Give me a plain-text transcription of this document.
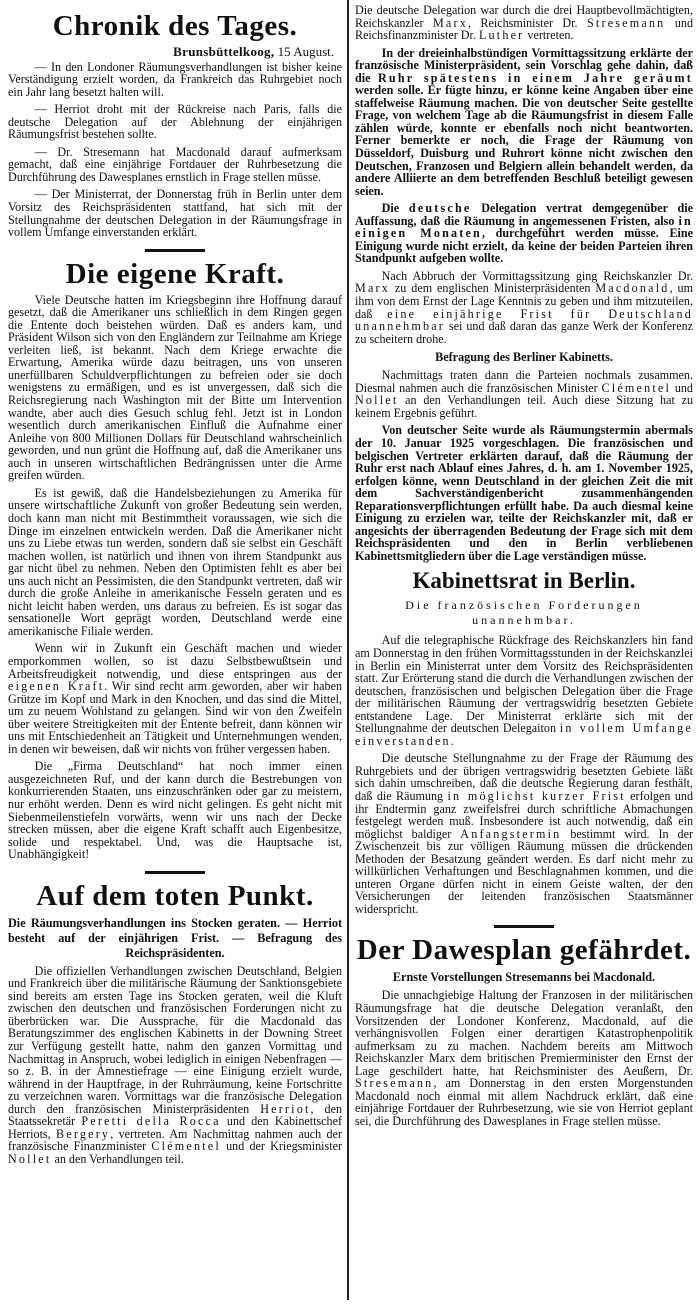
Chronik des Tages.
Brunsbüttelkoog, 15 August.

— In den Londoner Räumungsverhandlungen ist bisher keine Verständigung erzielt worden, da Frankreich das Ruhrgebiet noch ein Jahr lang besetzt halten will.

— Herriot droht mit der Rückreise nach Paris, falls die deutsche Delegation auf der Ablehnung der einjährigen Räumungsfrist bestehen sollte.

— Dr. Stresemann hat Macdonald darauf aufmerksam gemacht, daß eine einjährige Fortdauer der Ruhrbesetzung die Durchführung des Dawesplanes ernstlich in Frage stellen müsse.

— Der Ministerrat, der Donnerstag früh in Berlin unter dem Vorsitz des Reichspräsidenten stattfand, hat sich mit der Stellungnahme der deutschen Delegation in der Räumungsfrage in vollem Umfange einverstanden erklärt.

Die eigene Kraft.

Viele Deutsche hatten im Kriegsbeginn ihre Hoffnung darauf gesetzt, daß die Amerikaner uns schließlich in dem Ringen gegen die Entente doch beistehen würden. Daß es anders kam, und Präsident Wilson sich von den Engländern zur Teilnahme am Kriege verleiten ließ, ist bekannt. Nach dem Kriege erwachte die Erwartung, Amerika würde dazu beitragen, uns von unseren unerfüllbaren Schuldverpflichtungen zu befreien oder sie doch wenigstens zu ermäßigen, und es ist unvergessen, daß sich die Reichsregierung nach Washington mit der Bitte um Intervention wandte, aber auch dies Gesuch schlug fehl. Jetzt ist in London wesentlich durch amerikanischen Einfluß die Aufnahme einer Anleihe von 800 Millionen Dollars für Deutschland wahrscheinlich geworden, und nun grünt die Hoffnung auf, daß die Amerikaner uns auch in unseren wirtschaftlichen Bedrängnissen unter die Arme greifen würden.

Es ist gewiß, daß die Handelsbeziehungen zu Amerika für unsere wirtschaftliche Zukunft von großer Bedeutung sein werden, doch kann man nicht mit Bestimmtheit voraussagen, wie sich die Dinge im einzelnen entwickeln werden. Daß die Amerikaner nicht uns zu Liebe etwas tun werden, sondern daß sie selbst ein Geschäft machen wollen, ist natürlich und ihnen von ihrem Standpunkt aus gar nicht übel zu nehmen. Neben den Optimisten fehlt es aber bei uns auch nicht an Pessimisten, die den Standpunkt vertreten, daß wir durch die große Anleihe in amerikanische Fesseln geraten und es nicht leicht haben werden, uns daraus zu befreien. Es ist sogar das sensationelle Wort geprägt worden, Deutschland werde eine amerikanische Filiale werden.

Wenn wir in Zukunft ein Geschäft machen und wieder emporkommen wollen, so ist dazu Selbstbewußtsein und Arbeitsfreudigkeit notwendig, und diese entspringen aus der eigenen Kraft. Wir sind recht arm geworden, aber wir haben Grütze im Kopf und Mark in den Knochen, und das sind die Mittel, um zu neuem Wohlstand zu gelangen. Sind wir von den Zweifeln über weitere Streitigkeiten mit der Entente befreit, dann können wir uns mit Entschiedenheit an Tätigkeit und Unternehmungen wenden, in denen wir beweisen, daß wir nichts von früher vergessen haben.

Die „Firma Deutschland“ hat noch immer einen ausgezeichneten Ruf, und der kann durch die Bestrebungen von konkurrierenden Staaten, uns einzuschränken oder gar zu meistern, nur erhöht werden. Denn es wird nicht gelingen. Es geht nicht mit Siebenmeilenstiefeln vorwärts, wenn wir uns nach der Decke strecken müssen, aber die eigene Kraft schafft auch Eigenbesitze, solide und respektabel. Und, was die Hauptsache ist, Unabhängigkeit!

Auf dem toten Punkt.
Die Räumungsverhandlungen ins Stocken geraten. — Herriot besteht auf der einjährigen Frist. — Befragung des Reichspräsidenten.

Die offiziellen Verhandlungen zwischen Deutschland, Belgien und Frankreich über die militärische Räumung der Sanktionsgebiete sind bereits am ersten Tage ins Stocken geraten, weil die Kluft zwischen den deutschen und französischen Forderungen nicht zu überbrücken war. Die Aussprache, für die Macdonald das Beratungszimmer des englischen Kabinetts in der Downing Street zur Verfügung gestellt hatte, nahm den ganzen Vormittag und Nachmittag in Anspruch, wobei lediglich in einigen Nebenfragen — so z. B. in der Amnestiefrage — eine Einigung erzielt wurde, während in der Hauptfrage, in der Ruhrräumung, keine Fortschritte zu verzeichnen waren. Vormittags war die französische Delegation durch den französischen Ministerpräsidenten Herriot, den Staatssekretär Peretti della Rocca und den Kabinettschef Herriots, Bergery, vertreten. Am Nachmittag nahmen auch der französische Finanzminister Clémentel und der Kriegsminister Nollet an den Verhandlungen teil.

Die deutsche Delegation war durch die drei Hauptbevollmächtigten, Reichskanzler Marx, Reichsminister Dr. Stresemann und Reichsfinanzminister Dr. Luther vertreten.

In der dreieinhalbstündigen Vormittagssitzung erklärte der französische Ministerpräsident, sein Vorschlag gehe dahin, daß die Ruhr spätestens in einem Jahre geräumt werden solle. Er fügte hinzu, er könne keine Angaben über eine staffelweise Räumung machen. Die von deutscher Seite gestellte Frage, von welchem Tage ab die Räumungsfrist in diesem Falle zählen würde, konnte er ebenfalls noch nicht beantworten. Ferner bemerkte er noch, die Frage der Räumung von Düsseldorf, Duisburg und Ruhrort könne nicht zwischen den Deutschen, Franzosen und Belgiern allein behandelt werden, da andere Alliierte an dem betreffenden Beschluß beteiligt gewesen seien.

Die deutsche Delegation vertrat demgegenüber die Auffassung, daß die Räumung in angemessenen Fristen, also in einigen Monaten, durchgeführt werden müsse. Eine Einigung wurde nicht erzielt, da keine der beiden Parteien ihren Standpunkt aufgeben wollte.

Nach Abbruch der Vormittagssitzung ging Reichskanzler Dr. Marx zu dem englischen Ministerpräsidenten Macdonald, um ihm von dem Ernst der Lage Kenntnis zu geben und ihm mitzuteilen, daß eine einjährige Frist für Deutschland unannehmbar sei und daß daran das ganze Werk der Konferenz zu scheitern drohe.

Befragung des Berliner Kabinetts.

Nachmittags traten dann die Parteien nochmals zusammen. Diesmal nahmen auch die französischen Minister Clémentel und Nollet an den Verhandlungen teil. Auch diese Sitzung hat zu keinem Ergebnis geführt.

Von deutscher Seite wurde als Räumungstermin abermals der 10. Januar 1925 vorgeschlagen. Die französischen und belgischen Vertreter erklärten darauf, daß die Räumung der Ruhr erst nach Ablauf eines Jahres, d. h. am 1. November 1925, erfolgen könne, wenn Deutschland in der gleichen Zeit die mit dem Sachverständigenbericht zusammenhängenden Reparationsverpflichtungen erfüllt habe. Da auch diesmal keine Einigung zu erzielen war, teilte der Reichskanzler mit, daß er angesichts der überragenden Bedeutung der Frage sich mit dem Reichspräsidenten und den in Berlin verbliebenen Kabinettsmitgliedern über die Lage verständigen müsse.

Kabinettsrat in Berlin.
Die französischen Forderungen unannehmbar.

Auf die telegraphische Rückfrage des Reichskanzlers hin fand am Donnerstag in den frühen Vormittagsstunden in der Reichskanzlei in Berlin ein Ministerrat unter dem Vorsitz des Reichspräsidenten statt. Zur Erörterung stand die durch die Verhandlungen zwischen der deutschen, französischen und belgischen Delegation über die Frage der militärischen Räumung der vertragswidrig besetzten Gebiete entstandene Lage. Der Ministerrat erklärte sich mit der Stellungnahme der deutschen Delegaiton in vollem Umfange einverstanden.

Die deutsche Stellungnahme zu der Frage der Räumung des Ruhrgebiets und der übrigen vertragswidrig besetzten Gebiete läßt sich dahin umschreiben, daß die deutsche Regierung daran festhält, daß die Räumung in möglichst kurzer Frist erfolgen und ihr Endtermin ganz zweifelsfrei durch schriftliche Abmachungen festgelegt werden muß. Insbesondere ist auch notwendig, daß ein möglichst baldiger Anfangstermin bestimmt wird. In der Zwischenzeit bis zur völligen Räumung müssen die drückenden Methoden der Besatzung geändert werden. Es darf nicht mehr zu willkürlichen Verhaftungen und Beschlagnahmen kommen, und die unteren Organe dürfen nicht in einem Geiste walten, der den Versicherungen der leitenden französischen Staatsmänner widerspricht.

Der Dawesplan gefährdet.
Ernste Vorstellungen Stresemanns bei Macdonald.

Die unnachgiebige Haltung der Franzosen in der militärischen Räumungsfrage hat die deutsche Delegation veranlaßt, den Vorsitzenden der Londoner Konferenz, Macdonald, auf die verhängnisvollen Folgen einer derartigen Katastrophenpolitik aufmerksam zu zu machen. Nachdem bereits am Mittwoch Reichskanzler Marx dem britischen Premierminister den Ernst der Lage geschildert hatte, hat Reichsminister des Aeußern, Dr. Stresemann, am Donnerstag in den ersten Morgenstunden Macdonald noch einmal mit allem Nachdruck erklärt, daß eine einjährige Fortdauer der Ruhrbesetzung, wie sie von Herriot geplant sei, die Durchführung des Dawesplanes in Frage stellen müsse.
